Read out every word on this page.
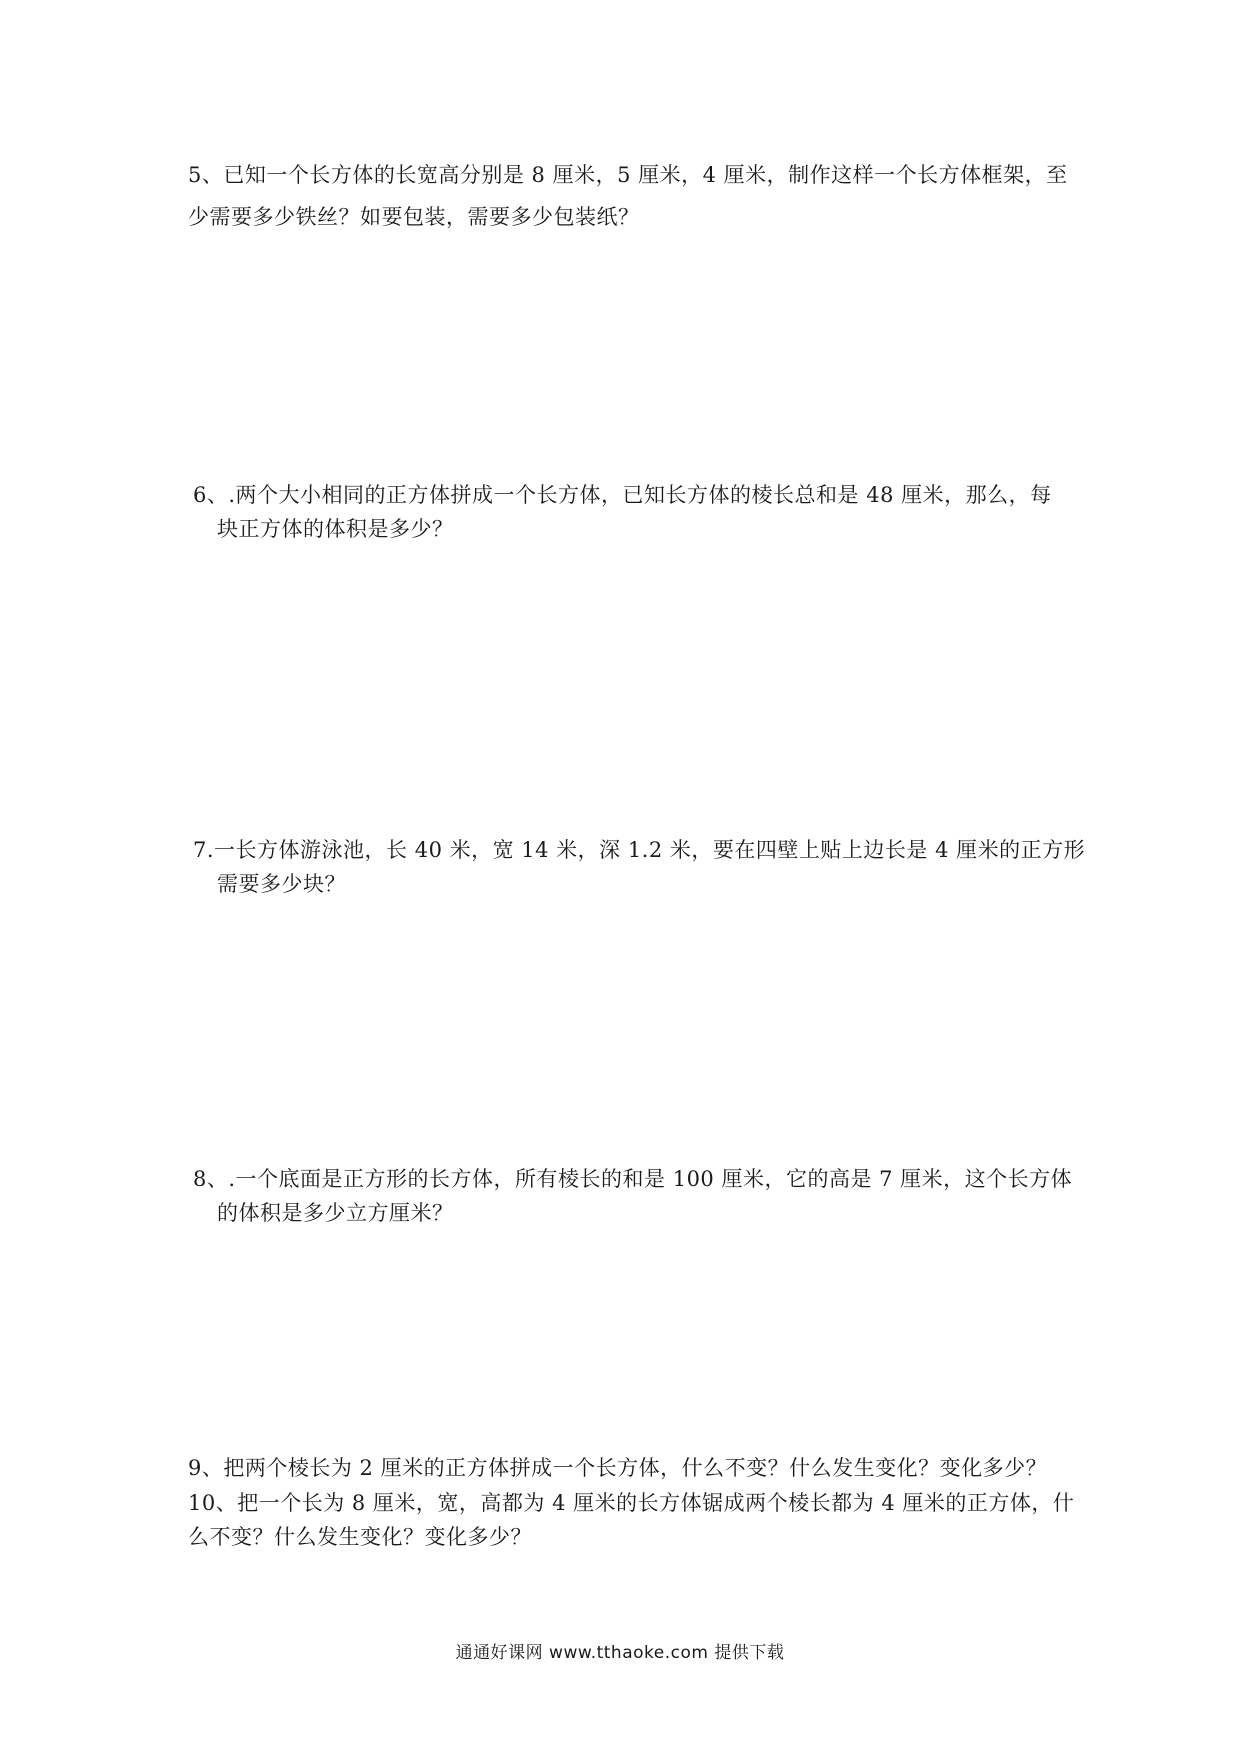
5、已知一个长方体的长宽高分别是 8 厘米，5 厘米，4 厘米，制作这样一个长方体框架，至
少需要多少铁丝？如要包装，需要多少包装纸？
6、.两个大小相同的正方体拼成一个长方体，已知长方体的棱长总和是 48 厘米，那么，每
块正方体的体积是多少？
7.一长方体游泳池，长 40 米，宽 14 米，深 1.2 米，要在四壁上贴上边长是 4 厘米的正方形
需要多少块？
8、.一个底面是正方形的长方体，所有棱长的和是 100 厘米，它的高是 7 厘米，这个长方体
的体积是多少立方厘米？
9、把两个棱长为 2 厘米的正方体拼成一个长方体，什么不变？什么发生变化？变化多少？
10、把一个长为 8 厘米，宽，高都为 4 厘米的长方体锯成两个棱长都为 4 厘米的正方体，什
么不变？什么发生变化？变化多少？
通通好课网 www.tthaoke.com 提供下载
